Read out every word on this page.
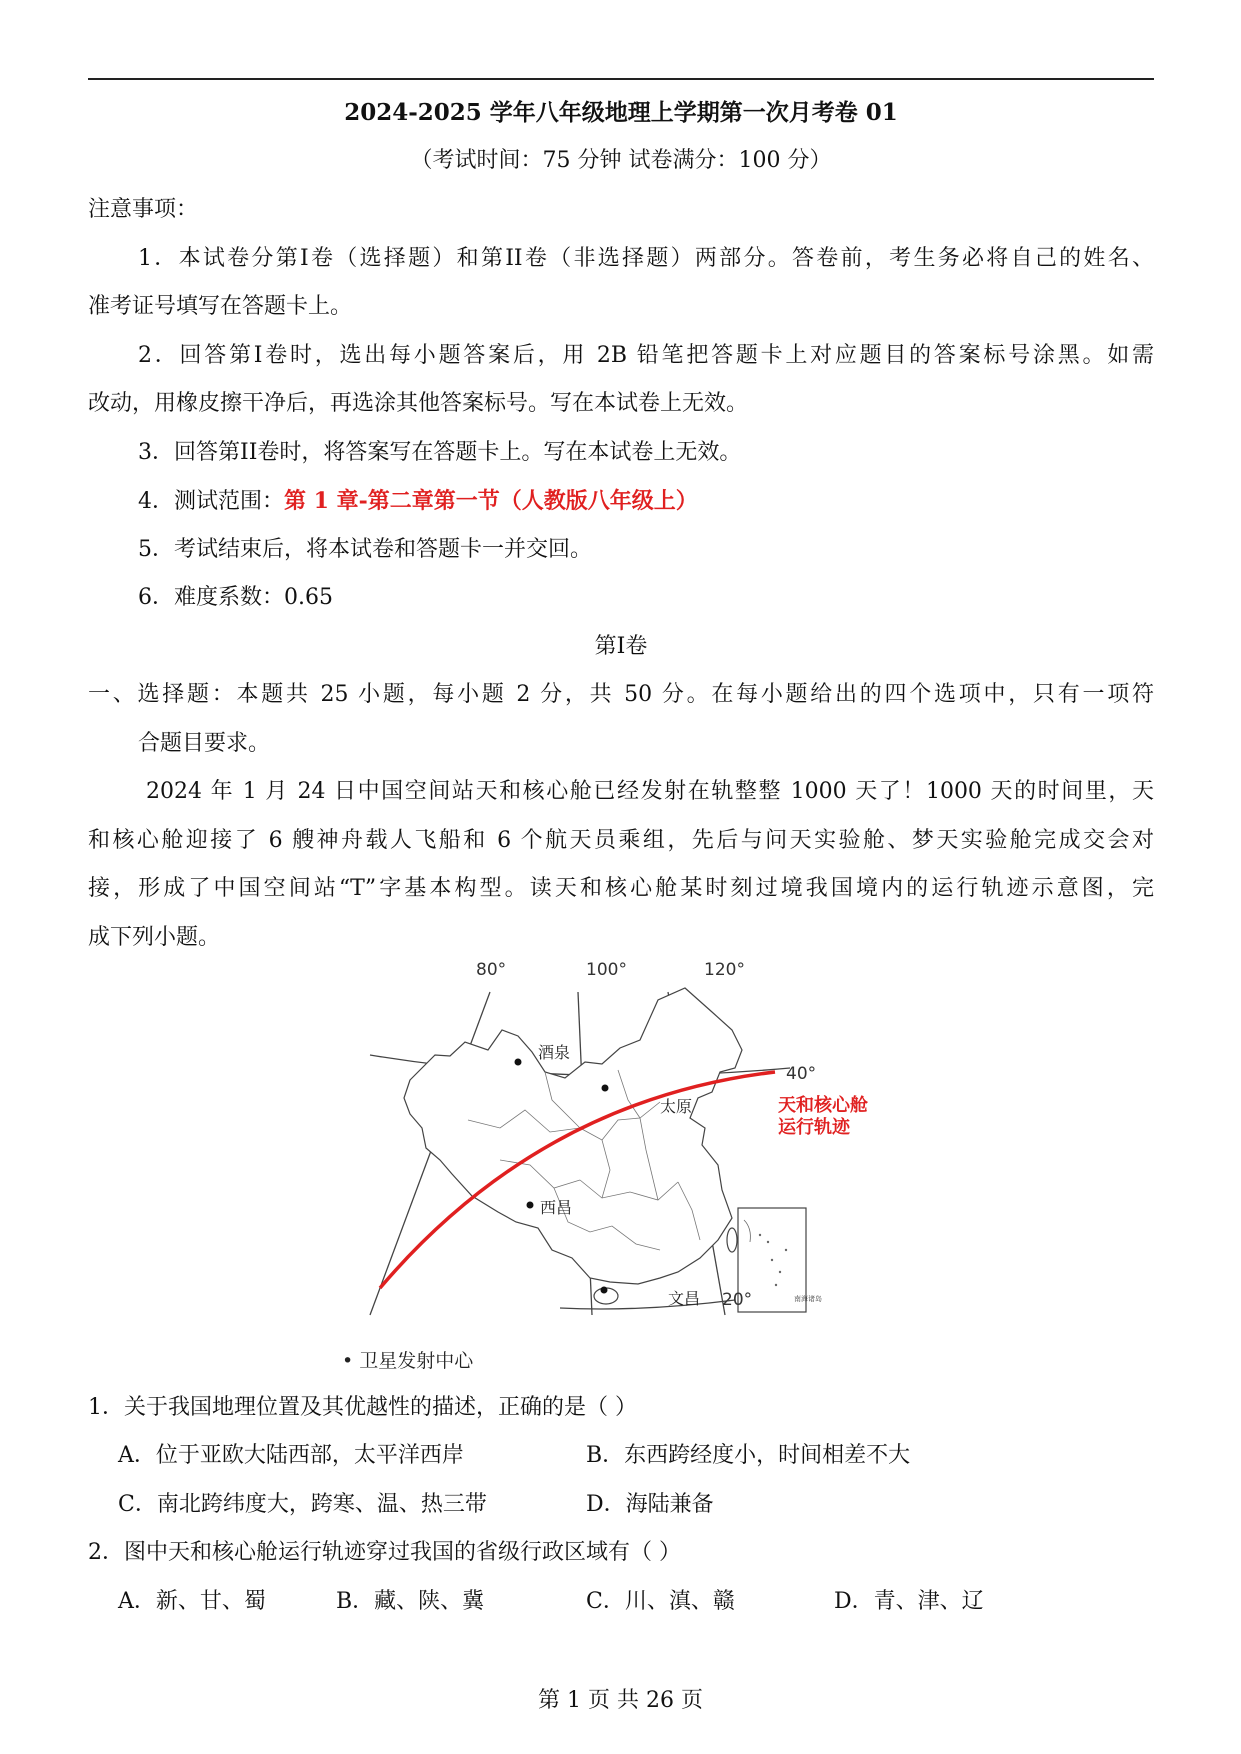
2024-2025 学年八年级地理上学期第一次月考卷 01
（考试时间：75 分钟 试卷满分：100 分）
注意事项：
1．本试卷分第I卷（选择题）和第II卷（非选择题）两部分。答卷前，考生务必将自己的姓名、
准考证号填写在答题卡上。
2．回答第I卷时，选出每小题答案后，用 2B 铅笔把答题卡上对应题目的答案标号涂黑。如需
改动，用橡皮擦干净后，再选涂其他答案标号。写在本试卷上无效。
3．回答第II卷时，将答案写在答题卡上。写在本试卷上无效。
4．测试范围：第 1 章-第二章第一节（人教版八年级上）
5．考试结束后，将本试卷和答题卡一并交回。
6．难度系数：0.65
第I卷
一、选择题：本题共 25 小题，每小题 2 分，共 50 分。在每小题给出的四个选项中，只有一项符
合题目要求。
2024 年 1 月 24 日中国空间站天和核心舱已经发射在轨整整 1000 天了！1000 天的时间里，天
和核心舱迎接了 6 艘神舟载人飞船和 6 个航天员乘组，先后与问天实验舱、梦天实验舱完成交会对
接，形成了中国空间站“T”字基本构型。读天和核心舱某时刻过境我国境内的运行轨迹示意图，完
成下列小题。
80°	100°	120°
40°
20°
酒泉
太原
西昌
文昌
天和核心舱
运行轨迹
南海诸岛
• 卫星发射中心
1．关于我国地理位置及其优越性的描述，正确的是（ ）
A．位于亚欧大陆西部，太平洋西岸	B．东西跨经度小，时间相差不大
C．南北跨纬度大，跨寒、温、热三带	D．海陆兼备
2．图中天和核心舱运行轨迹穿过我国的省级行政区域有（ ）
A．新、甘、蜀	B．藏、陕、冀	C．川、滇、赣	D．青、津、辽
第 1 页 共 26 页
